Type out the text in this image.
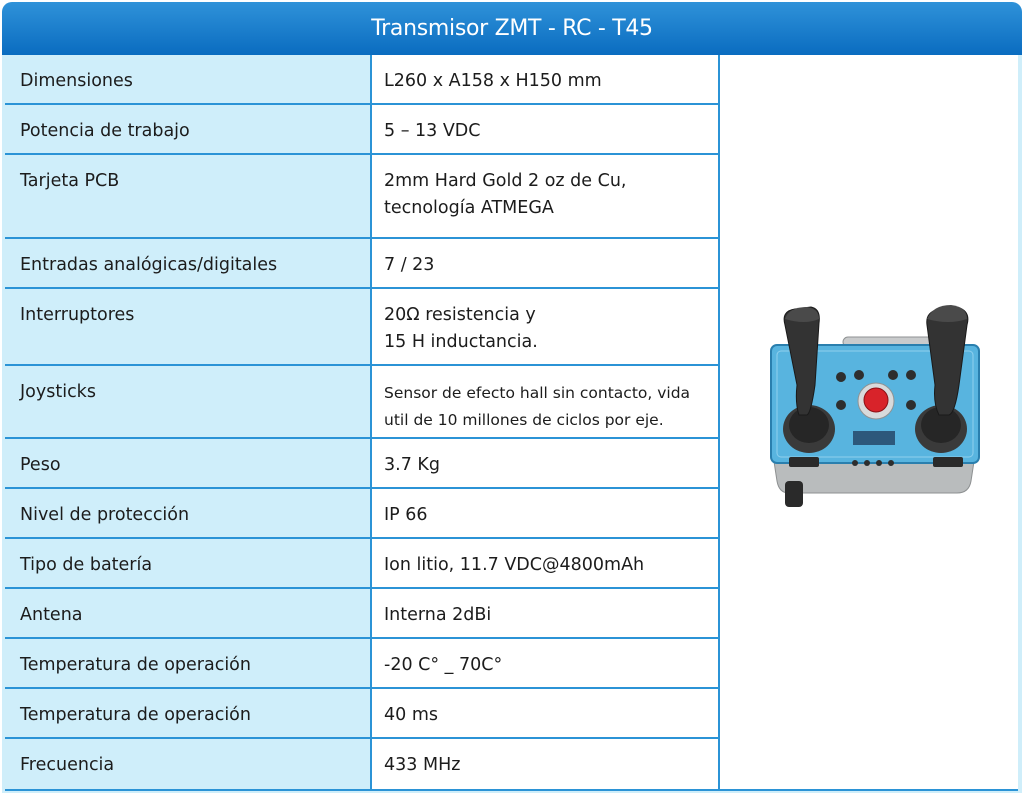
Transmisor ZMT - RC - T45
Dimensiones	L260 x A158 x H150 mm
Potencia de trabajo	5 – 13 VDC
Tarjeta PCB	2mm Hard Gold 2 oz de Cu,
tecnología ATMEGA
Entradas analógicas/digitales	7 / 23
Interruptores	20Ω resistencia y
15 H inductancia.
Joysticks	Sensor de efecto hall sin contacto, vida
util de 10 millones de ciclos por eje.
Peso	3.7 Kg
Nivel de protección	IP 66
Tipo de batería	Ion litio, 11.7 VDC@4800mAh
Antena	Interna 2dBi
Temperatura de operación	-20 C° _ 70C°
Temperatura de operación	40 ms
Frecuencia	433 MHz
